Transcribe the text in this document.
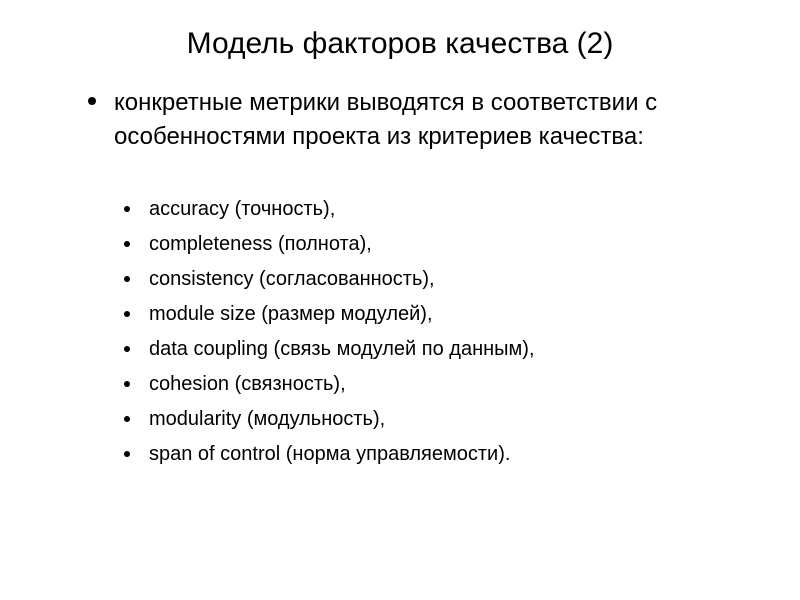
Модель факторов качества (2)
конкретные метрики выводятся в соответствии с особенностями проекта из критериев качества:
accuracy (точность),
completeness (полнота),
consistency (согласованность),
module size (размер модулей),
data coupling (связь модулей по данным),
cohesion (связность),
modularity (модульность),
span of control (норма управляемости).
